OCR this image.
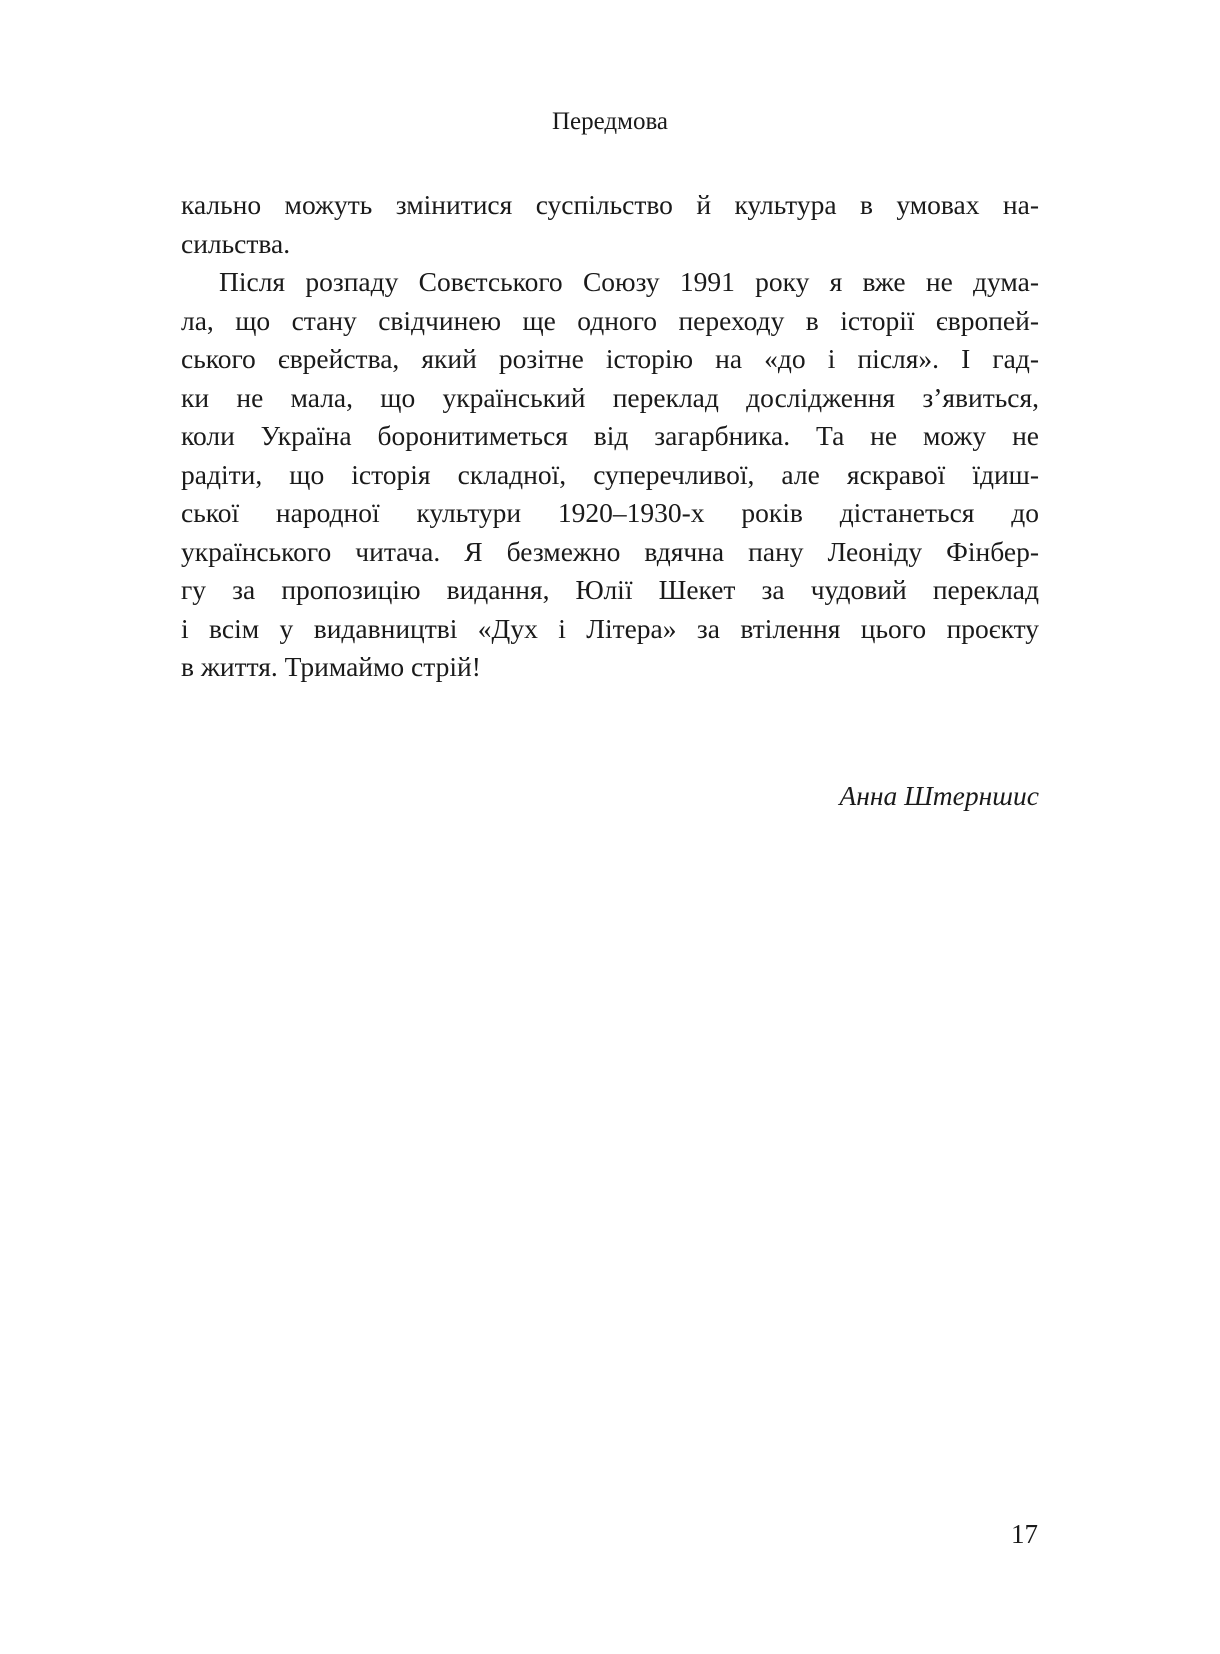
Передмова
кально можуть змінитися суспільство й культура в умовах на-
сильства.
Після розпаду Совєтського Союзу 1991 року я вже не дума-
ла, що стану свідчинею ще одного переходу в історії європей-
ського єврейства, який розітне історію на «до і після». І гад-
ки не мала, що український переклад дослідження з’явиться,
коли Україна боронитиметься від загарбника. Та не можу не
радіти, що історія складної, суперечливої, але яскравої їдиш-
ської народної культури 1920–1930-х років дістанеться до
українського читача. Я безмежно вдячна пану Леоніду Фінбер-
гу за пропозицію видання, Юлії Шекет за чудовий переклад
і всім у видавництві «Дух і Літера» за втілення цього проєкту
в життя. Тримаймо стрій!
Анна Штерншис
17
